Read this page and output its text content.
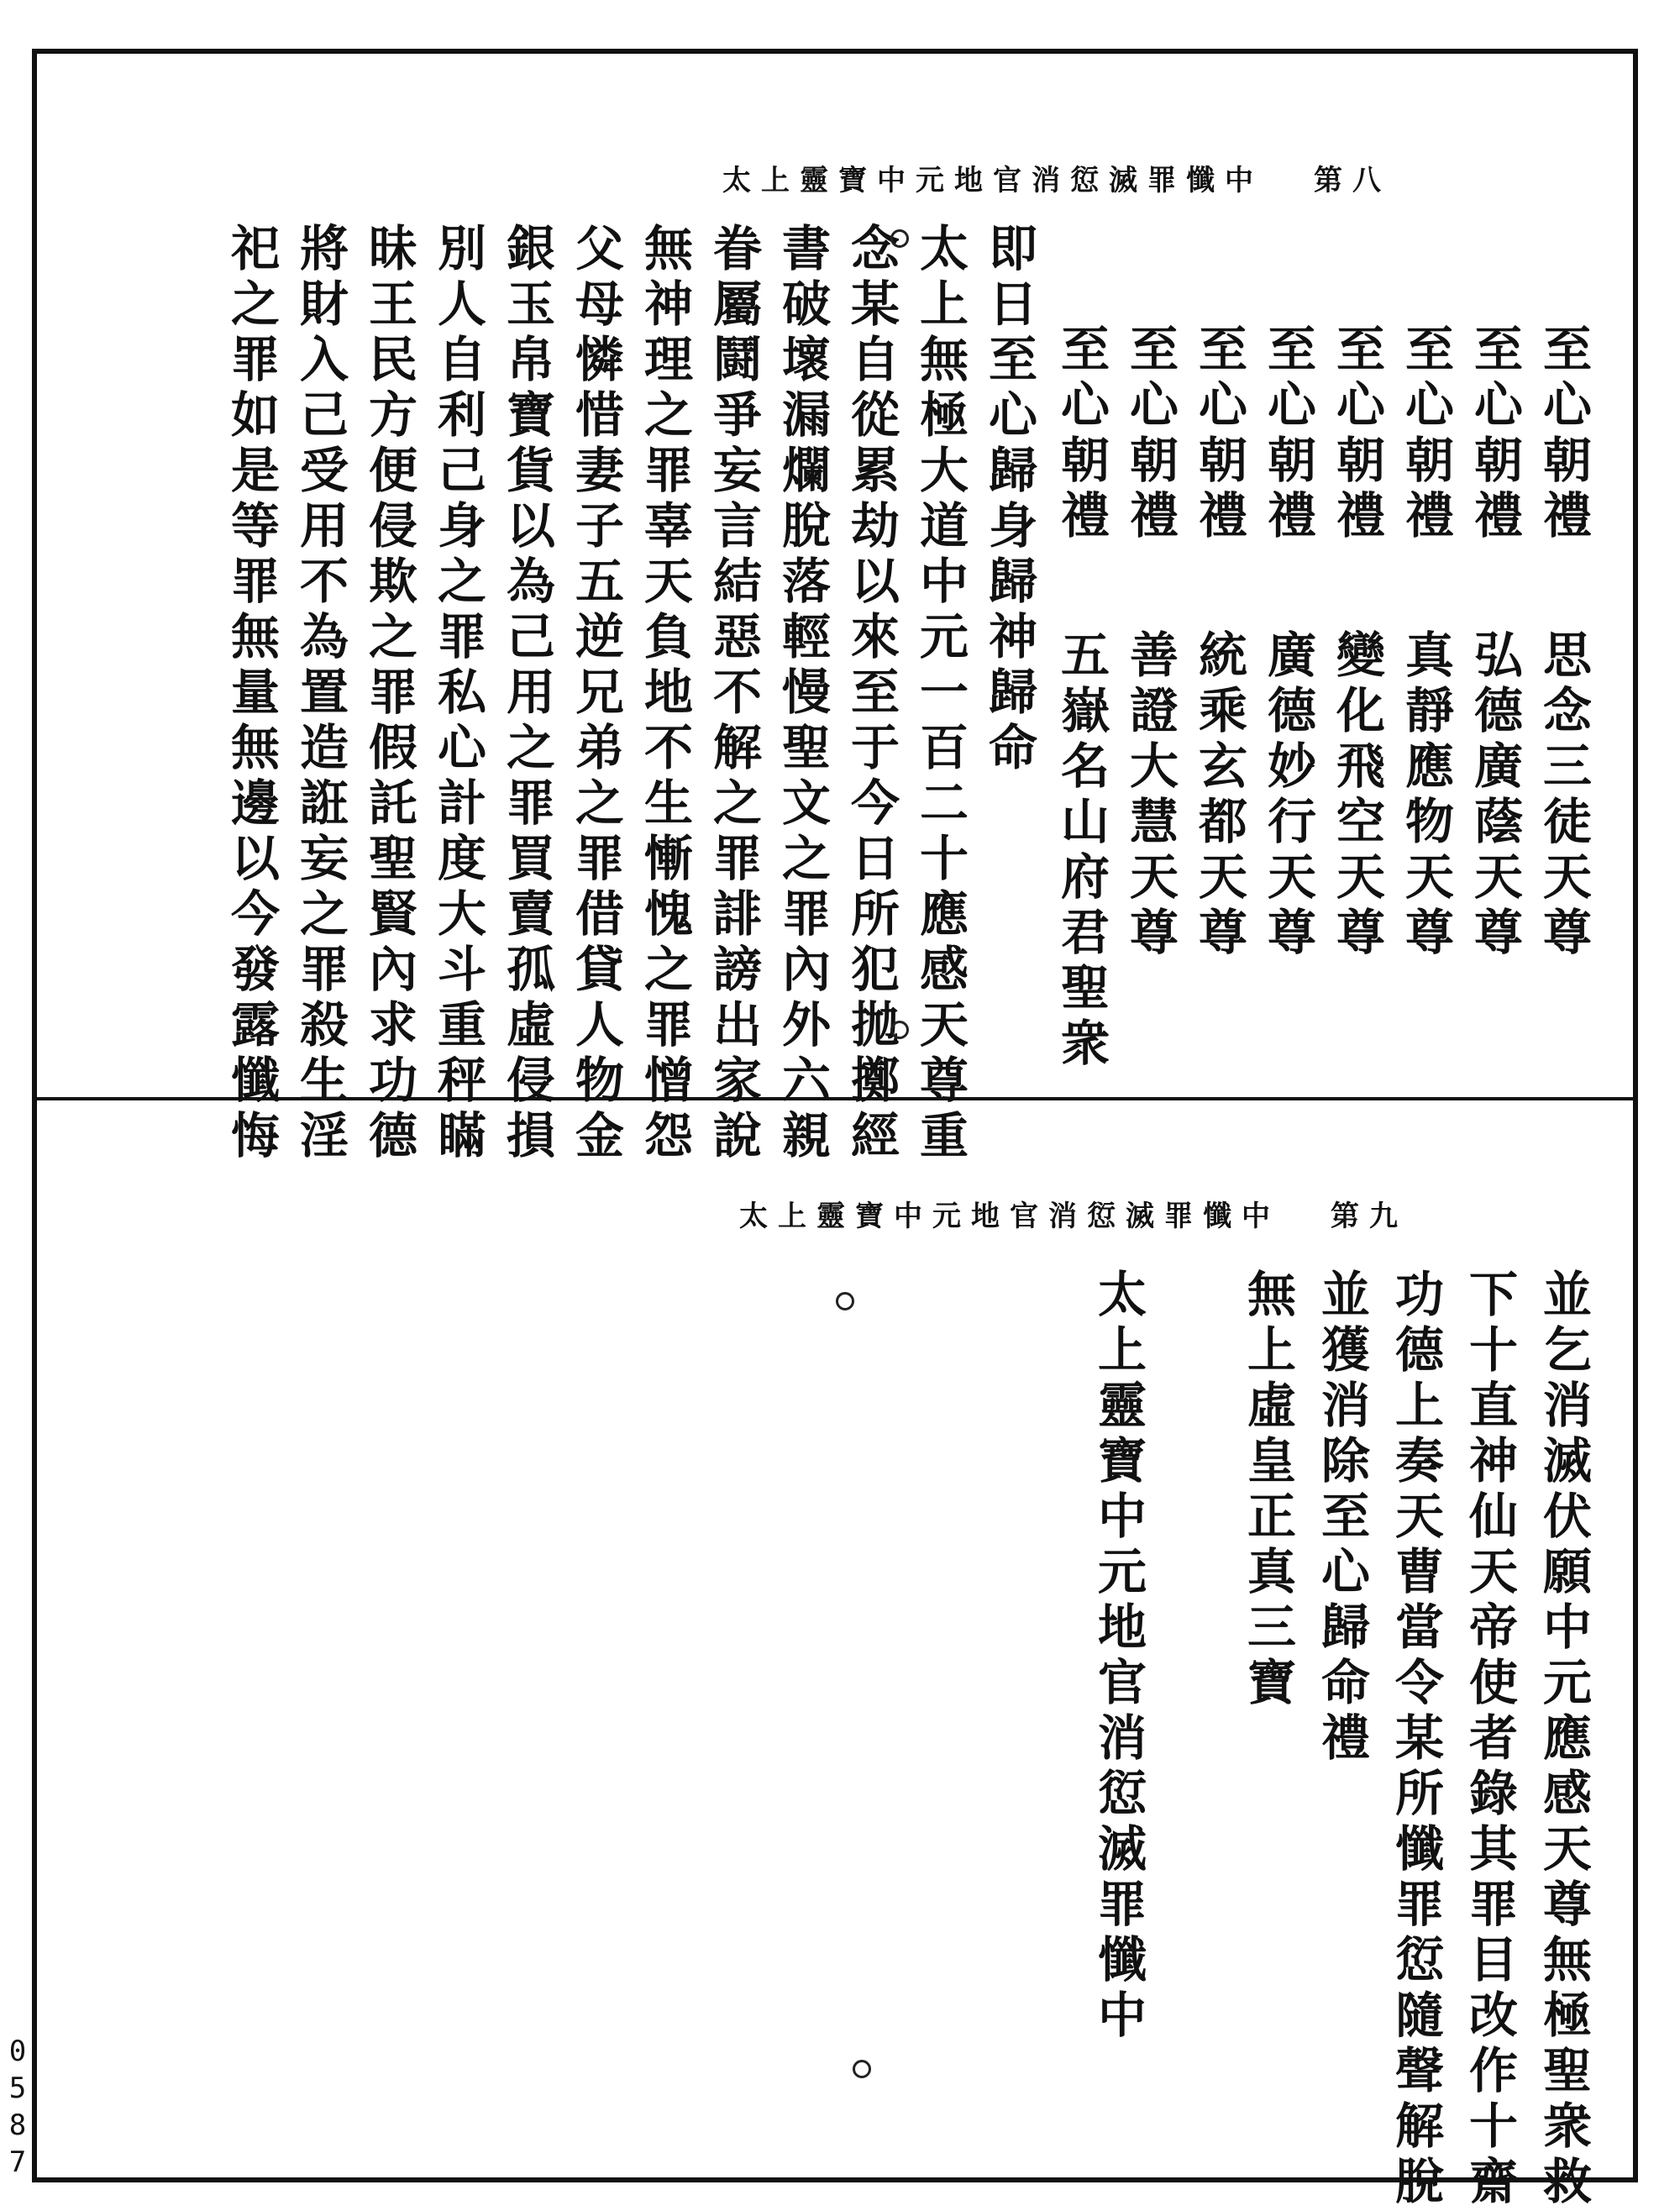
太上靈寶中元地官消愆滅罪懺中 第八
至心朝禮思念三徒天尊
至心朝禮弘德廣蔭天尊
至心朝禮真靜應物天尊
至心朝禮變化飛空天尊
至心朝禮廣德妙行天尊
至心朝禮統乘玄都天尊
至心朝禮善證大慧天尊
至心朝禮五嶽名山府君聖衆
即日至心歸身歸神歸命
太上無極大道中元一百二十應感天尊重
念某自從累劫以來至于今日所犯拋擲經
書破壞漏爛脫落輕慢聖文之罪內外六親
眷屬鬪爭妄言結惡不解之罪誹謗出家說
無神理之罪辜天負地不生慚愧之罪憎怨
父母憐惜妻子五逆兄弟之罪借貸人物金
銀玉帛寶貨以為己用之罪買賣孤虛侵損
別人自利己身之罪私心計度大斗重秤瞞
昧王民方便侵欺之罪假託聖賢內求功德
將財入己受用不為置造誑妄之罪殺生淫
祀之罪如是等罪無量無邊以今發露懺悔
太上靈寶中元地官消愆滅罪懺中 第九
並乞消滅伏願中元應感天尊無極聖衆救
下十直神仙天帝使者錄其罪目改作十齋
功德上奏天曹當令某所懺罪愆隨聲解脫
並獲消除至心歸命禮
無上虛皇正真三寶
太上靈寶中元地官消愆滅罪懺中
0
5
8
7
